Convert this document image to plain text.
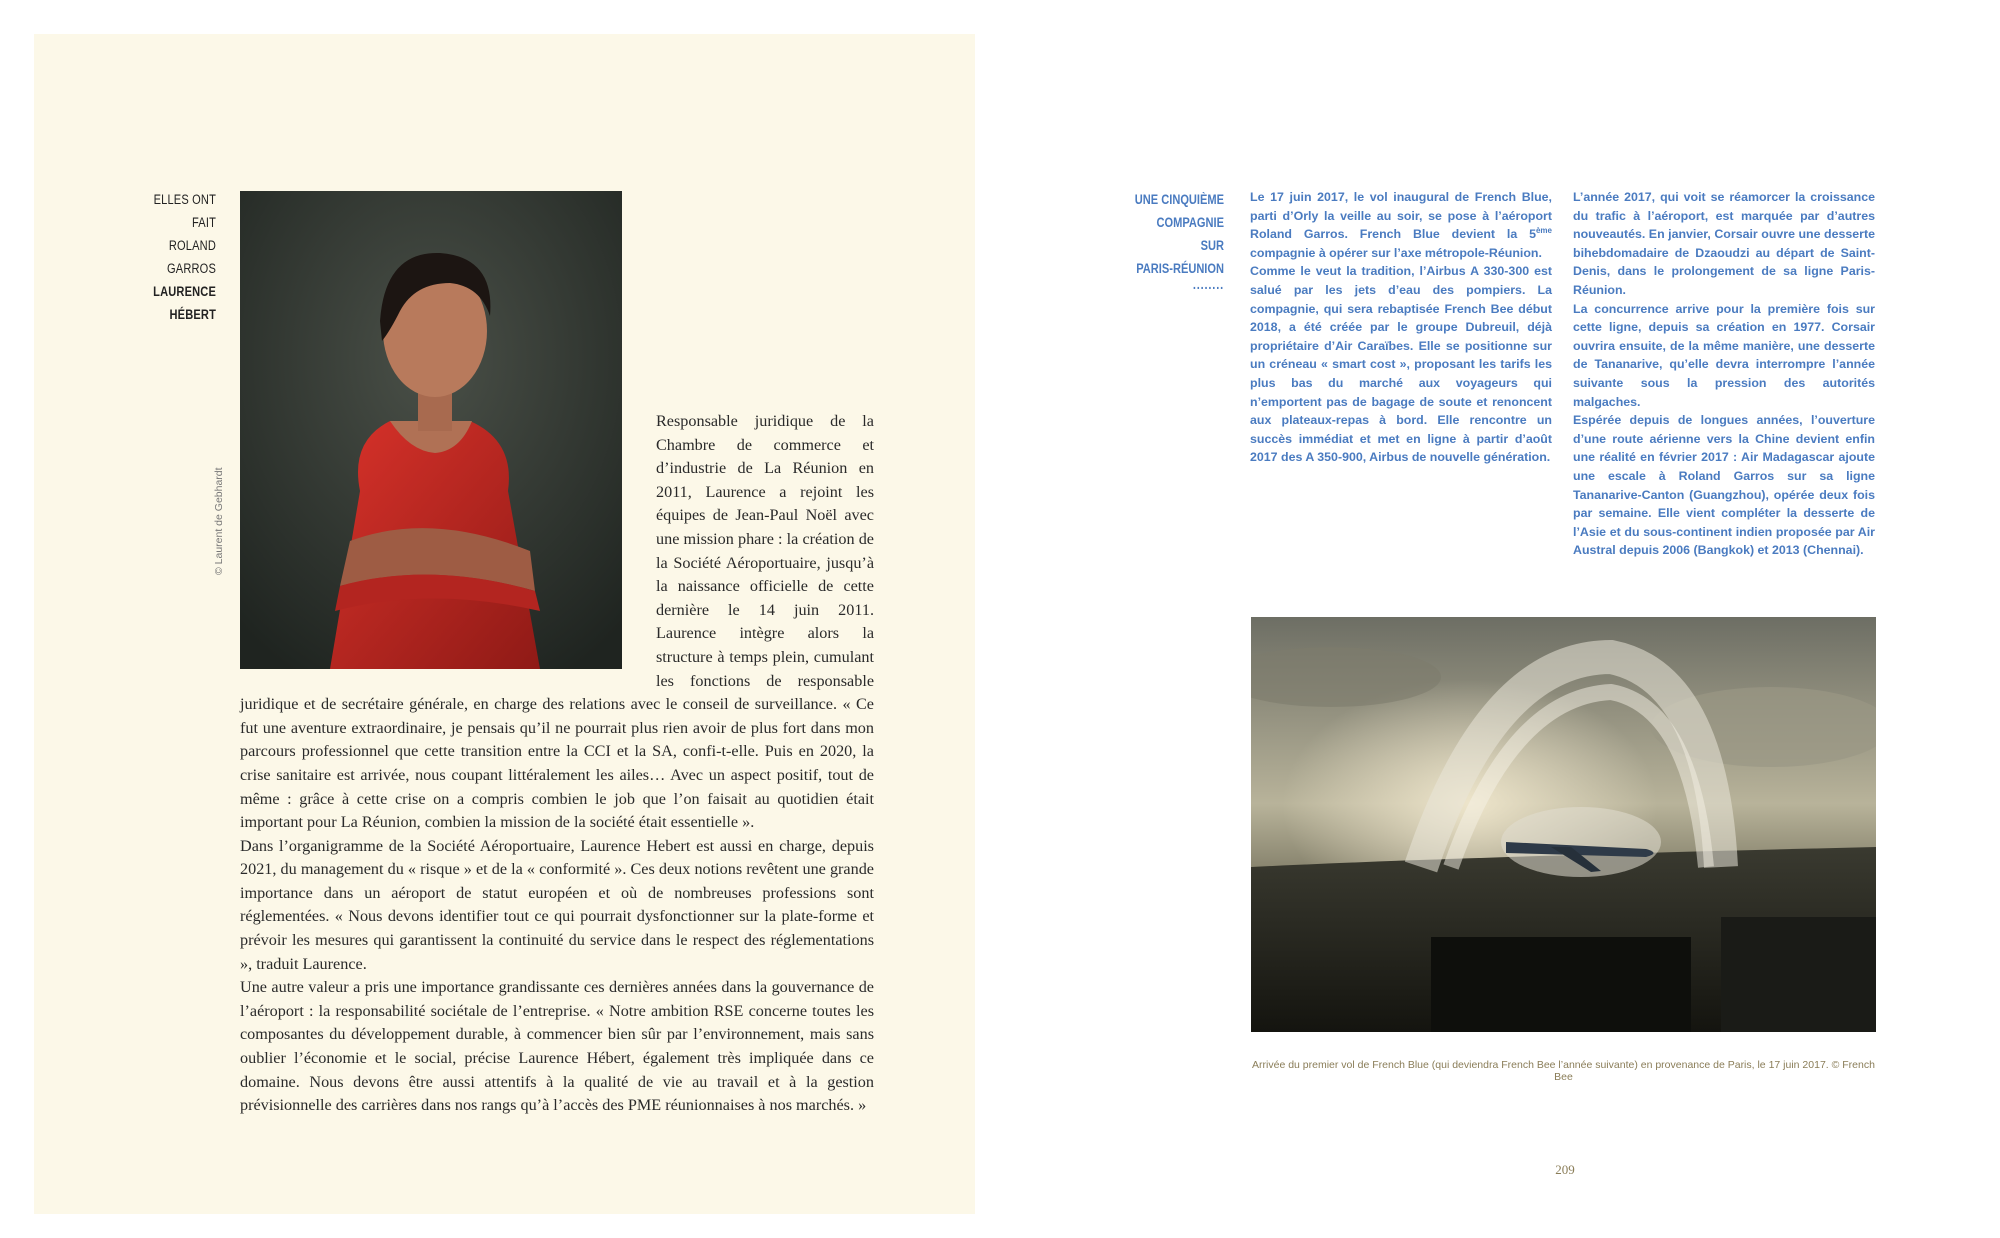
ELLES ONT FAIT
ROLAND GARROS
LAURENCE
HÉBERT
© Laurent de Gebhardt

Responsable juridique de la Chambre de commerce et d’industrie de La Réunion en 2011, Laurence a rejoint les équipes de Jean-Paul Noël avec une mission phare : la création de la Société Aéroportuaire, jusqu’à la naissance officielle de cette dernière le 14 juin 2011. Laurence intègre alors la structure à temps plein, cumulant les fonctions de responsable juridique et de secrétaire générale, en charge des relations avec le conseil de surveillance. « Ce fut une aventure extraordinaire, je pensais qu’il ne pourrait plus rien avoir de plus fort dans mon parcours professionnel que cette transition entre la CCI et la SA, confi-t-elle. Puis en 2020, la crise sanitaire est arrivée, nous coupant littéralement les ailes… Avec un aspect positif, tout de même : grâce à cette crise on a compris combien le job que l’on faisait au quotidien était important pour La Réunion, combien la mission de la société était essentielle ».

Dans l’organigramme de la Société Aéroportuaire, Laurence Hebert est aussi en charge, depuis 2021, du management du « risque » et de la « conformité ». Ces deux notions revêtent une grande importance dans un aéroport de statut européen et où de nombreuses professions sont réglementées. « Nous devons identifier tout ce qui pourrait dysfonctionner sur la plate-forme et prévoir les mesures qui garantissent la continuité du service dans le respect des réglementations », traduit Laurence.

Une autre valeur a pris une importance grandissante ces dernières années dans la gouvernance de l’aéroport : la responsabilité sociétale de l’entreprise. « Notre ambition RSE concerne toutes les composantes du développement durable, à commencer bien sûr par l’environnement, mais sans oublier l’économie et le social, précise Laurence Hébert, également très impliquée dans ce domaine. Nous devons être aussi attentifs à la qualité de vie au travail et à la gestion prévisionnelle des carrières dans nos rangs qu’à l’accès des PME réunionnaises à nos marchés. »

UNE CINQUIÈME
COMPAGNIE
SUR
PARIS-RÉUNION
........

Le 17 juin 2017, le vol inaugural de French Blue, parti d’Orly la veille au soir, se pose à l’aéroport Roland Garros. French Blue devient la 5ème compagnie à opérer sur l’axe métropole-Réunion.

Comme le veut la tradition, l’Airbus A 330-300 est salué par les jets d’eau des pompiers. La compagnie, qui sera rebaptisée French Bee début 2018, a été créée par le groupe Dubreuil, déjà propriétaire d’Air Caraïbes. Elle se positionne sur un créneau « smart cost », proposant les tarifs les plus bas du marché aux voyageurs qui n’emportent pas de bagage de soute et renoncent aux plateaux-repas à bord. Elle rencontre un succès immédiat et met en ligne à partir d’août 2017 des A 350-900, Airbus de nouvelle génération.

L’année 2017, qui voit se réamorcer la croissance du trafic à l’aéroport, est marquée par d’autres nouveautés. En janvier, Corsair ouvre une desserte bihebdomadaire de Dzaoudzi au départ de Saint-Denis, dans le prolongement de sa ligne Paris-Réunion.

La concurrence arrive pour la première fois sur cette ligne, depuis sa création en 1977. Corsair ouvrira ensuite, de la même manière, une desserte de Tananarive, qu’elle devra interrompre l’année suivante sous la pression des autorités malgaches.

Espérée depuis de longues années, l’ouverture d’une route aérienne vers la Chine devient enfin une réalité en février 2017 : Air Madagascar ajoute une escale à Roland Garros sur sa ligne Tananarive-Canton (Guangzhou), opérée deux fois par semaine. Elle vient compléter la desserte de l’Asie et du sous-continent indien proposée par Air Austral depuis 2006 (Bangkok) et 2013 (Chennai).

Arrivée du premier vol de French Blue (qui deviendra French Bee l’année suivante) en provenance de Paris, le 17 juin 2017. © French Bee
209
